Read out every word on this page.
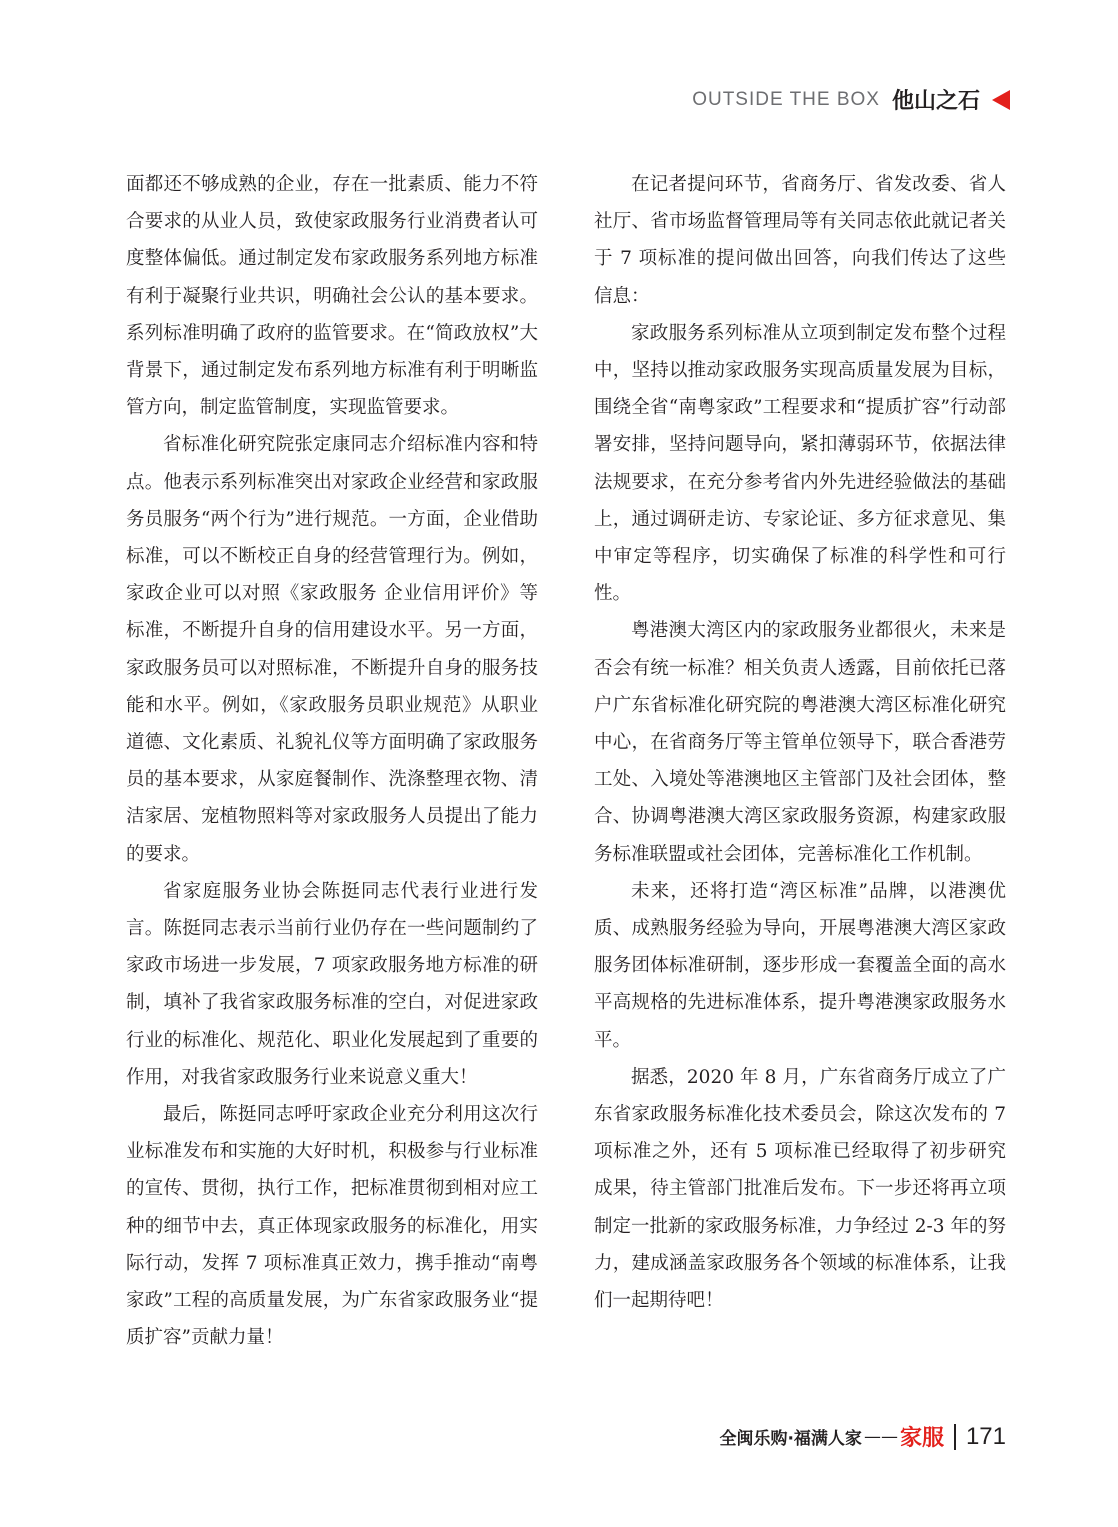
OUTSIDE THE BOX 他山之石

面都还不够成熟的企业，存在一批素质、能力不符合要求的从业人员，致使家政服务行业消费者认可度整体偏低。通过制定发布家政服务系列地方标准有利于凝聚行业共识，明确社会公认的基本要求。系列标准明确了政府的监管要求。在“简政放权”大背景下，通过制定发布系列地方标准有利于明晰监管方向，制定监管制度，实现监管要求。

省标准化研究院张定康同志介绍标准内容和特点。他表示系列标准突出对家政企业经营和家政服务员服务“两个行为”进行规范。一方面，企业借助标准，可以不断校正自身的经营管理行为。例如，家政企业可以对照《家政服务 企业信用评价》等标准，不断提升自身的信用建设水平。另一方面，家政服务员可以对照标准，不断提升自身的服务技能和水平。例如，《家政服务员职业规范》从职业道德、文化素质、礼貌礼仪等方面明确了家政服务员的基本要求，从家庭餐制作、洗涤整理衣物、清洁家居、宠植物照料等对家政服务人员提出了能力的要求。

省家庭服务业协会陈挺同志代表行业进行发言。陈挺同志表示当前行业仍存在一些问题制约了家政市场进一步发展，7 项家政服务地方标准的研制，填补了我省家政服务标准的空白，对促进家政行业的标准化、规范化、职业化发展起到了重要的作用，对我省家政服务行业来说意义重大！

最后，陈挺同志呼吁家政企业充分利用这次行业标准发布和实施的大好时机，积极参与行业标准的宣传、贯彻，执行工作，把标准贯彻到相对应工种的细节中去，真正体现家政服务的标准化，用实际行动，发挥 7 项标准真正效力，携手推动“南粤家政”工程的高质量发展，为广东省家政服务业“提质扩容”贡献力量！

在记者提问环节，省商务厅、省发改委、省人社厅、省市场监督管理局等有关同志依此就记者关于 7 项标准的提问做出回答，向我们传达了这些信息：

家政服务系列标准从立项到制定发布整个过程中，坚持以推动家政服务实现高质量发展为目标，围绕全省“南粤家政”工程要求和“提质扩容”行动部署安排，坚持问题导向，紧扣薄弱环节，依据法律法规要求，在充分参考省内外先进经验做法的基础上，通过调研走访、专家论证、多方征求意见、集中审定等程序，切实确保了标准的科学性和可行性。

粤港澳大湾区内的家政服务业都很火，未来是否会有统一标准？相关负责人透露，目前依托已落户广东省标准化研究院的粤港澳大湾区标准化研究中心，在省商务厅等主管单位领导下，联合香港劳工处、入境处等港澳地区主管部门及社会团体，整合、协调粤港澳大湾区家政服务资源，构建家政服务标准联盟或社会团体，完善标准化工作机制。

未来，还将打造“湾区标准”品牌，以港澳优质、成熟服务经验为导向，开展粤港澳大湾区家政服务团体标准研制，逐步形成一套覆盖全面的高水平高规格的先进标准体系，提升粤港澳家政服务水平。

据悉，2020 年 8 月，广东省商务厅成立了广东省家政服务标准化技术委员会，除这次发布的 7 项标准之外，还有 5 项标准已经取得了初步研究成果，待主管部门批准后发布。下一步还将再立项制定一批新的家政服务标准，力争经过 2-3 年的努力，建成涵盖家政服务各个领域的标准体系，让我们一起期待吧！

全闽乐购·福满人家 —— 家服 171
